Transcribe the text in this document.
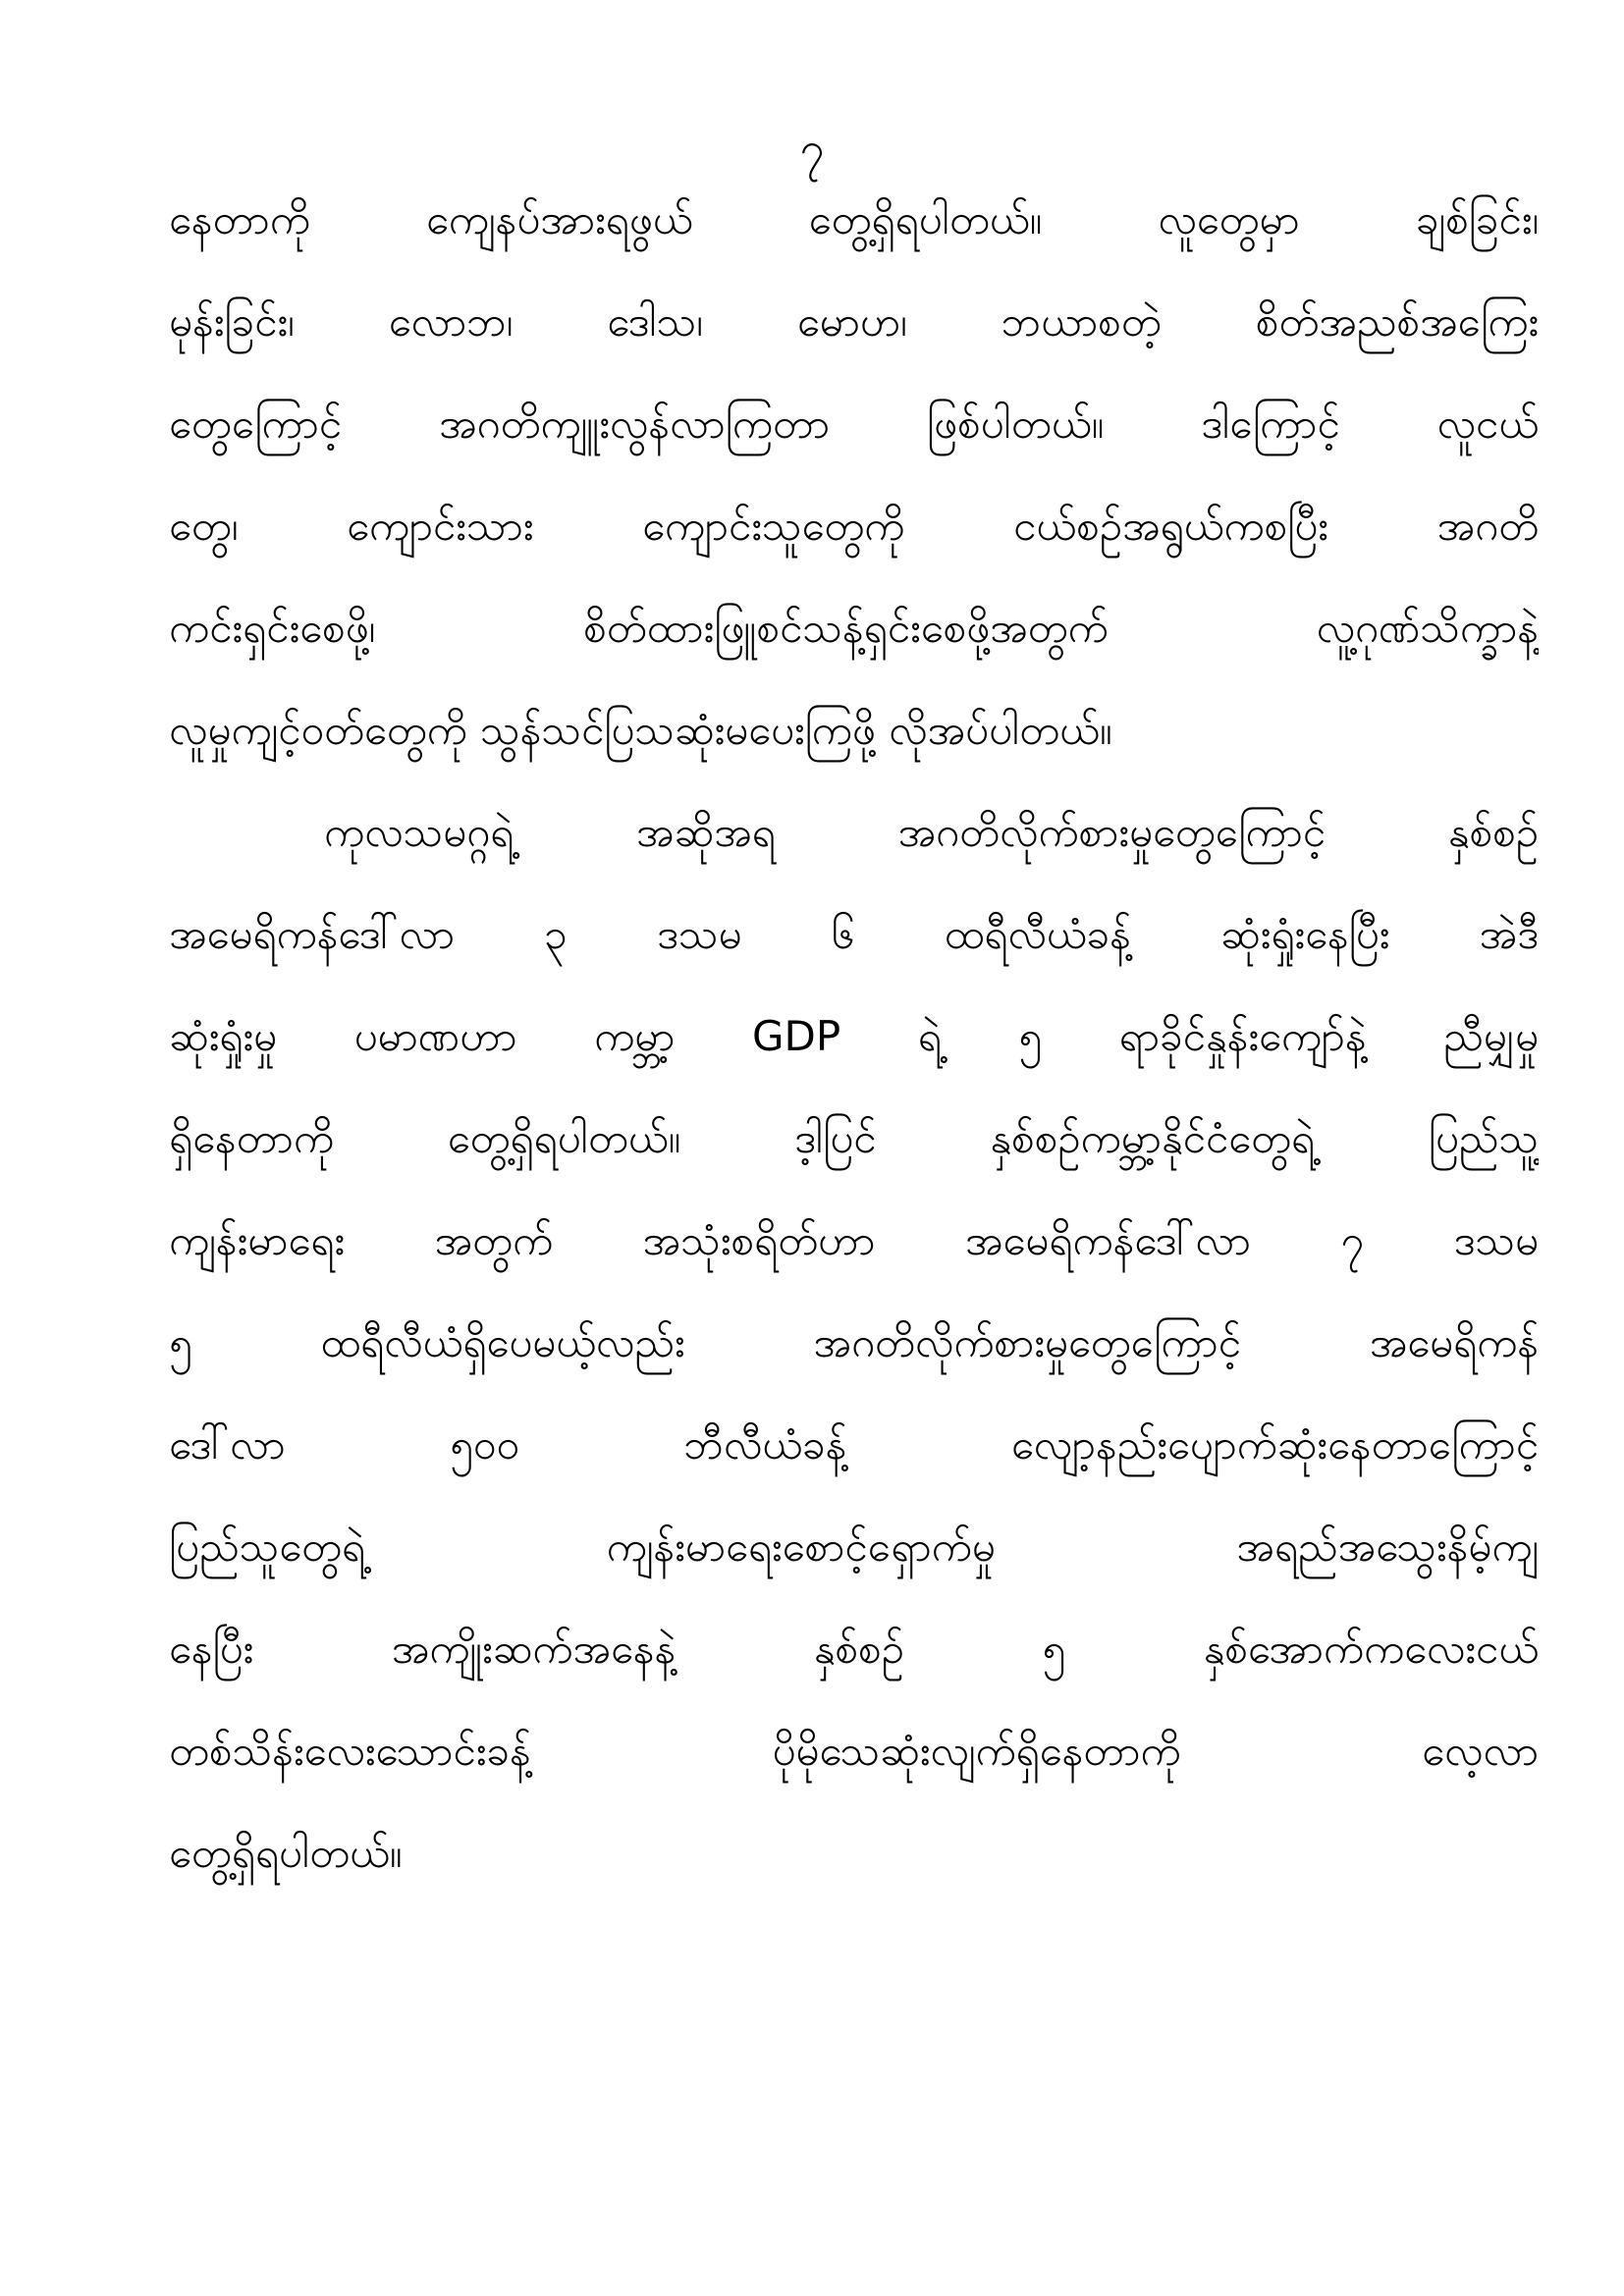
၇
နေတာကို ကျေနပ်အားရဖွယ် တွေ့ရှိရပါတယ်။ လူတွေမှာ ချစ်ခြင်း၊
မုန်းခြင်း၊ လောဘ၊ ဒေါသ၊ မောဟ၊ ဘယာစတဲ့ စိတ်အညစ်အကြေး
တွေကြောင့် အဂတိကျူးလွန်လာကြတာ ဖြစ်ပါတယ်။ ဒါကြောင့် လူငယ်
တွေ၊ ကျောင်းသား ကျောင်းသူတွေကို ငယ်စဉ်အရွယ်ကစပြီး အဂတိ
ကင်းရှင်းစေဖို့၊ စိတ်ထားဖြူစင်သန့်ရှင်းစေဖို့အတွက် လူ့ဂုဏ်သိက္ခာနဲ့
လူမှုကျင့်ဝတ်တွေကို သွန်သင်ပြသဆုံးမပေးကြဖို့ လိုအပ်ပါတယ်။
ကုလသမဂ္ဂရဲ့ အဆိုအရ အဂတိလိုက်စားမှုတွေကြောင့် နှစ်စဉ်
အမေရိကန်ဒေါ်လာ ၃ ဒသမ ၆ ထရီလီယံခန့် ဆုံးရှုံးနေပြီး အဲဒီ
ဆုံးရှုံးမှု ပမာဏဟာ ကမ္ဘာ့ GDP ရဲ့ ၅ ရာခိုင်နှုန်းကျော်နဲ့ ညီမျှမှု
ရှိနေတာကို တွေ့ရှိရပါတယ်။ ဒ့ါပြင် နှစ်စဉ်ကမ္ဘာ့နိုင်ငံတွေရဲ့ ပြည်သူ့
ကျန်းမာရေး အတွက် အသုံးစရိတ်ဟာ အမေရိကန်ဒေါ်လာ ၇ ဒသမ
၅ ထရီလီယံရှိပေမယ့်လည်း အဂတိလိုက်စားမှုတွေကြောင့် အမေရိကန်
ဒေါ်လာ ၅၀၀ ဘီလီယံခန့် လျော့နည်းပျောက်ဆုံးနေတာကြောင့်
ပြည်သူတွေရဲ့ ကျန်းမာရေးစောင့်ရှောက်မှု အရည်အသွေးနိမ့်ကျ
နေပြီး အကျိုးဆက်အနေနဲ့ နှစ်စဉ် ၅ နှစ်အောက်ကလေးငယ်
တစ်သိန်းလေးသောင်းခန့် ပိုမိုသေဆုံးလျက်ရှိနေတာကို လေ့လာ
တွေ့ရှိရပါတယ်။
